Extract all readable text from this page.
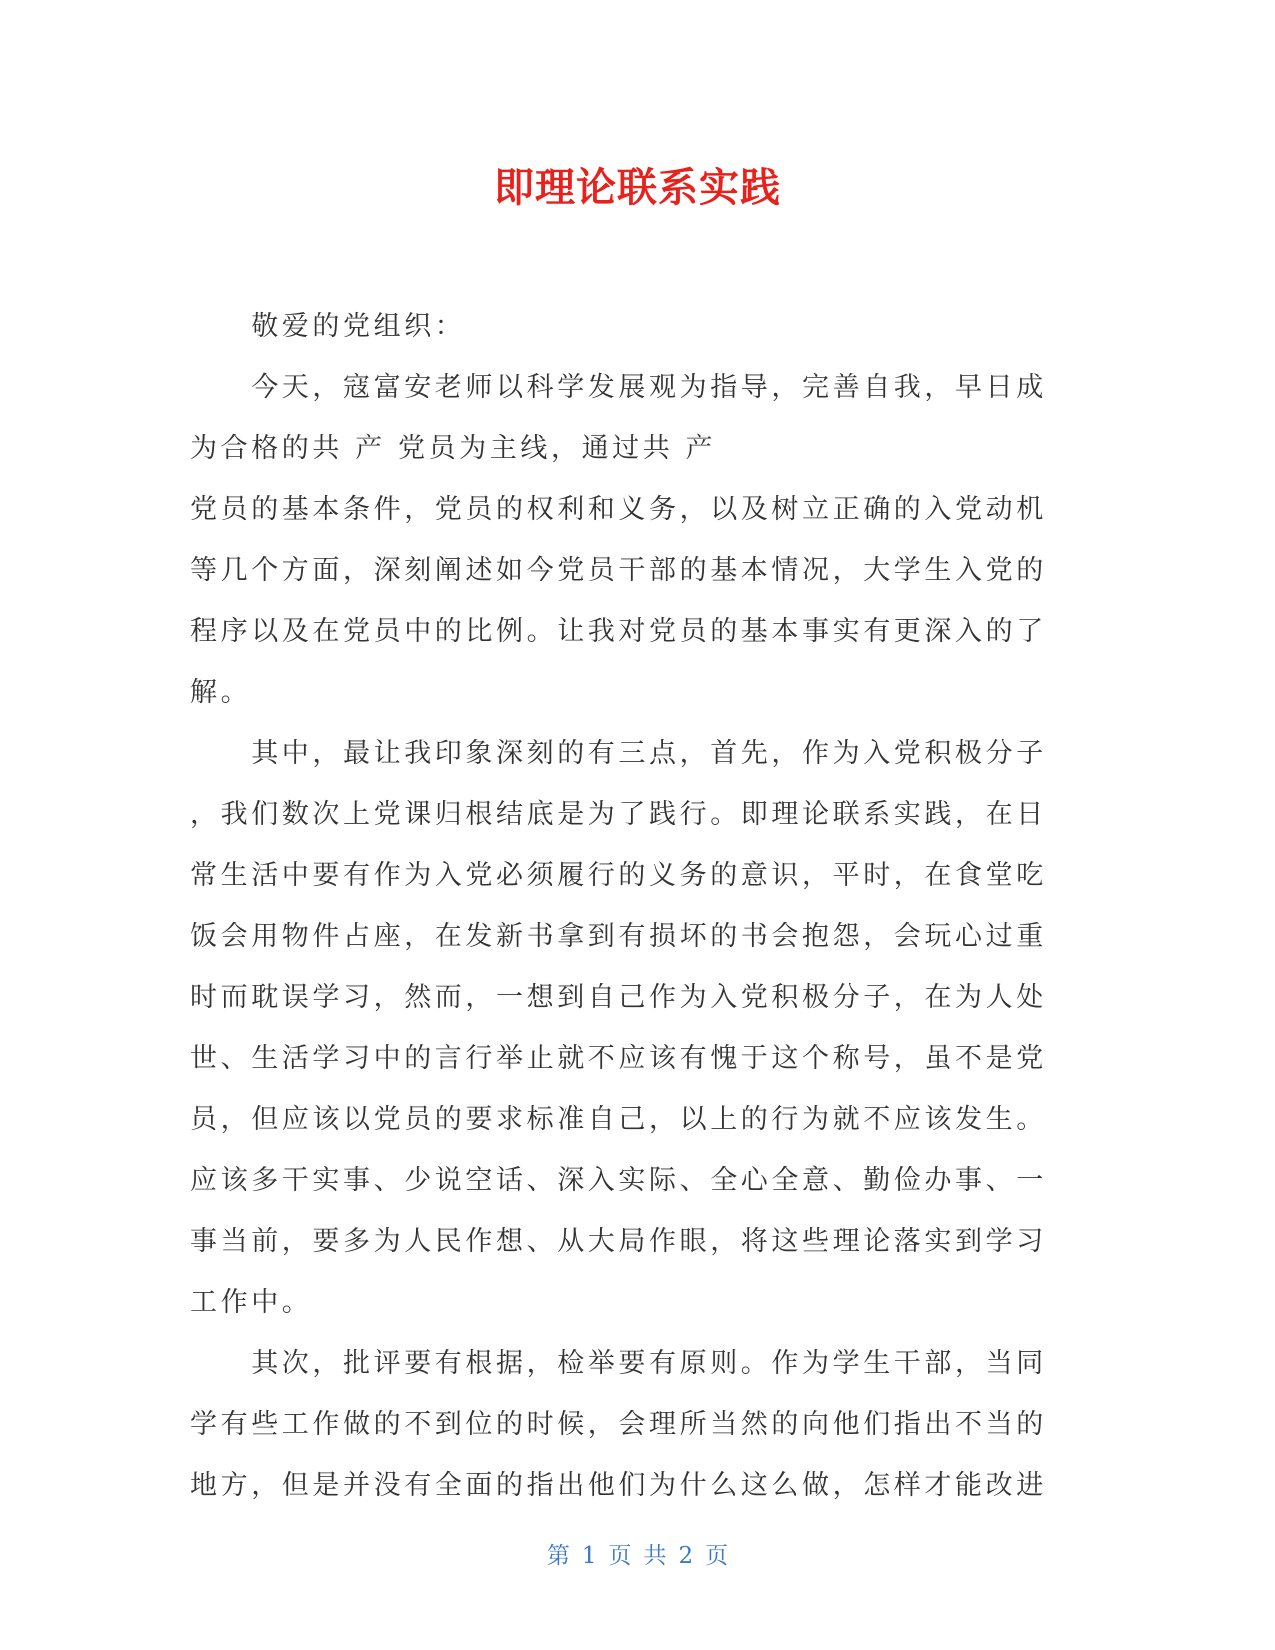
即理论联系实践
　　敬爱的党组织：
　　今天，寇富安老师以科学发展观为指导，完善自我，早日成
为合格的共 产 党员为主线，通过共 产
党员的基本条件，党员的权利和义务，以及树立正确的入党动机
等几个方面，深刻阐述如今党员干部的基本情况，大学生入党的
程序以及在党员中的比例。让我对党员的基本事实有更深入的了
解。
　　其中，最让我印象深刻的有三点，首先，作为入党积极分子
，我们数次上党课归根结底是为了践行。即理论联系实践，在日
常生活中要有作为入党必须履行的义务的意识，平时，在食堂吃
饭会用物件占座，在发新书拿到有损坏的书会抱怨，会玩心过重
时而耽误学习，然而，一想到自己作为入党积极分子，在为人处
世、生活学习中的言行举止就不应该有愧于这个称号，虽不是党
员，但应该以党员的要求标准自己，以上的行为就不应该发生。
应该多干实事、少说空话、深入实际、全心全意、勤俭办事、一
事当前，要多为人民作想、从大局作眼，将这些理论落实到学习
工作中。
　　其次，批评要有根据，检举要有原则。作为学生干部，当同
学有些工作做的不到位的时候，会理所当然的向他们指出不当的
地方，但是并没有全面的指出他们为什么这么做，怎样才能改进
第 1 页 共 2 页
